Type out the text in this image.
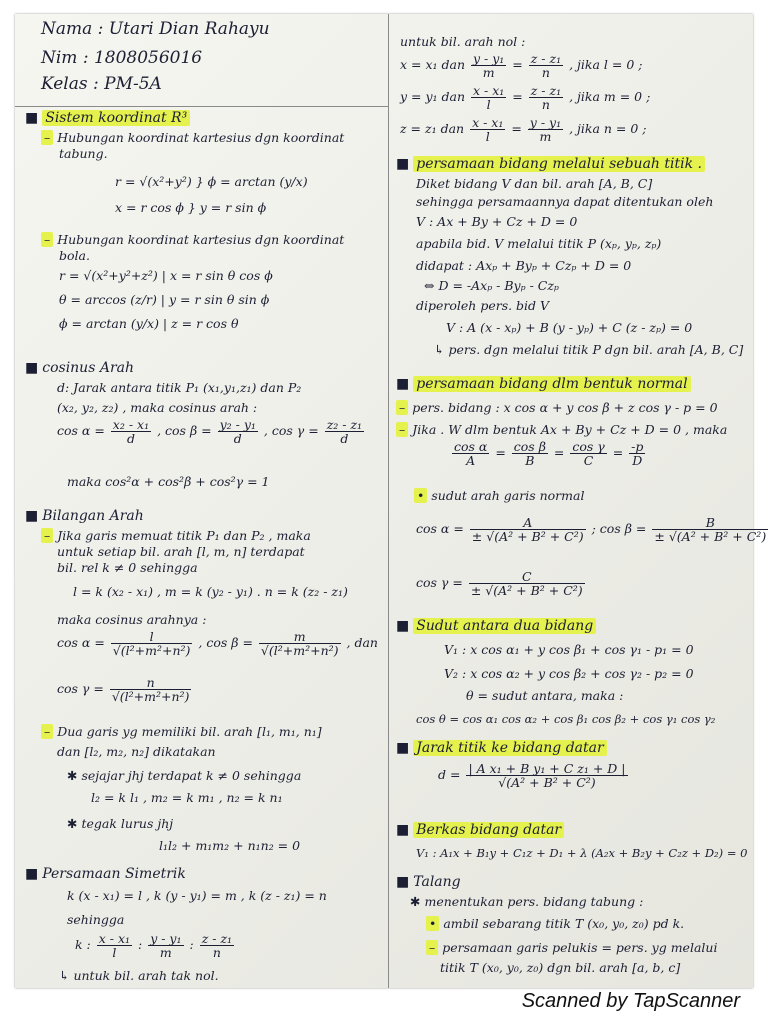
Nama : Utari Dian Rahayu
Nim : 1808056016
Kelas : PM-5A
■ Sistem koordinat R³
– Hubungan koordinat kartesius dgn koordinat
tabung.
r = √(x²+y²) } ϕ = arctan (y/x)
x = r cos ϕ } y = r sin ϕ
– Hubungan koordinat kartesius dgn koordinat
bola.
r = √(x²+y²+z²) | x = r sin θ cos ϕ
θ = arccos (z/r) | y = r sin θ sin ϕ
ϕ = arctan (y/x) | z = r cos θ
■ cosinus Arah
d: Jarak antara titik P₁ (x₁,y₁,z₁) dan P₂
(x₂, y₂, z₂) , maka cosinus arah :
$\cos \alpha = \frac{\text{x₂ - x₁}}{d}$ , $\cos \beta = \frac{\text{y₂ - y₁}}{d}$ , $\cos \gamma = \frac{\text{z₂ - z₁}}{d}$
maka cos²α + cos²β + cos²γ = 1
■ Bilangan Arah
– Jika garis memuat titik P₁ dan P₂ , maka
untuk setiap bil. arah [l, m, n] terdapat
bil. rel k ≠ 0 sehingga
l = k (x₂ - x₁) , m = k (y₂ - y₁) . n = k (z₂ - z₁)
maka cosinus arahnya :
$\cos \alpha = \frac{l}{\text{√(l²+m²+n²)}}$ , $\cos \beta = \frac{m}{\text{√(l²+m²+n²)}}$ , dan
$\cos \gamma = \frac{n}{\text{√(l²+m²+n²)}}$
– Dua garis yg memiliki bil. arah [l₁, m₁, n₁]
dan [l₂, m₂, n₂] dikatakan
✱ sejajar jhj terdapat k ≠ 0 sehingga
l₂ = k l₁ , m₂ = k m₁ , n₂ = k n₁
✱ tegak lurus jhj
l₁l₂ + m₁m₂ + n₁n₂ = 0
■ Persamaan Simetrik
k (x - x₁) = l , k (y - y₁) = m , k (z - z₁) = n
sehingga
k : $\frac{\text{x - x₁}}{l}$ : $\frac{\text{y - y₁}}{m}$ : $\frac{\text{z - z₁}}{n}$
↳ untuk bil. arah tak nol.
untuk bil. arah nol :
x = x₁ dan $\frac{\text{y - y₁}}{m} = \frac{\text{z - z₁}}{n}$ , jika l = 0 ;
y = y₁ dan $\frac{\text{x - x₁}}{l} = \frac{\text{z - z₁}}{n}$ , jika m = 0 ;
z = z₁ dan $\frac{\text{x - x₁}}{l} = \frac{\text{y - y₁}}{m}$ , jika n = 0 ;
■ persamaan bidang melalui sebuah titik .
Diket bidang V dan bil. arah [A, B, C]
sehingga persamaannya dapat ditentukan oleh
V : Ax + By + Cz + D = 0
apabila bid. V melalui titik P (xₚ, yₚ, zₚ)
didapat : Axₚ + Byₚ + Czₚ + D = 0
⇔ D = -Axₚ - Byₚ - Czₚ
diperoleh pers. bid V
V : A (x - xₚ) + B (y - yₚ) + C (z - zₚ) = 0
↳ pers. dgn melalui titik P dgn bil. arah [A, B, C]
■ persamaan bidang dlm bentuk normal
– pers. bidang : x cos α + y cos β + z cos γ - p = 0
– Jika . W dlm bentuk Ax + By + Cz + D = 0 , maka
$\frac{\text{cos α}}{A} = \frac{\text{cos β}}{B} = \frac{\text{cos γ}}{C} = \frac{-p}{D}$
• sudut arah garis normal
$\cos \alpha = \frac{A}{\text{± √(A² + B² + C²)}}$ ; $\cos \beta = \frac{B}{\text{± √(A² + B² + C²)}}$
$\cos \gamma = \frac{C}{\text{± √(A² + B² + C²)}}$
■ Sudut antara dua bidang
V₁ : x cos α₁ + y cos β₁ + cos γ₁ - p₁ = 0
V₂ : x cos α₂ + y cos β₂ + cos γ₂ - p₂ = 0
θ = sudut antara, maka :
cos θ = cos α₁ cos α₂ + cos β₁ cos β₂ + cos γ₁ cos γ₂
■ Jarak titik ke bidang datar
$d = \frac{\text{| A x₁ + B y₁ + C z₁ + D |}}{\text{√(A² + B² + C²)}}$
■ Berkas bidang datar
V₁ : A₁x + B₁y + C₁z + D₁ + λ (A₂x + B₂y + C₂z + D₂) = 0
■ Talang
✱ menentukan pers. bidang tabung :
• ambil sebarang titik T (x₀, y₀, z₀) pd k.
– persamaan garis pelukis = pers. yg melalui
titik T (x₀, y₀, z₀) dgn bil. arah [a, b, c]
Scanned by TapScanner
